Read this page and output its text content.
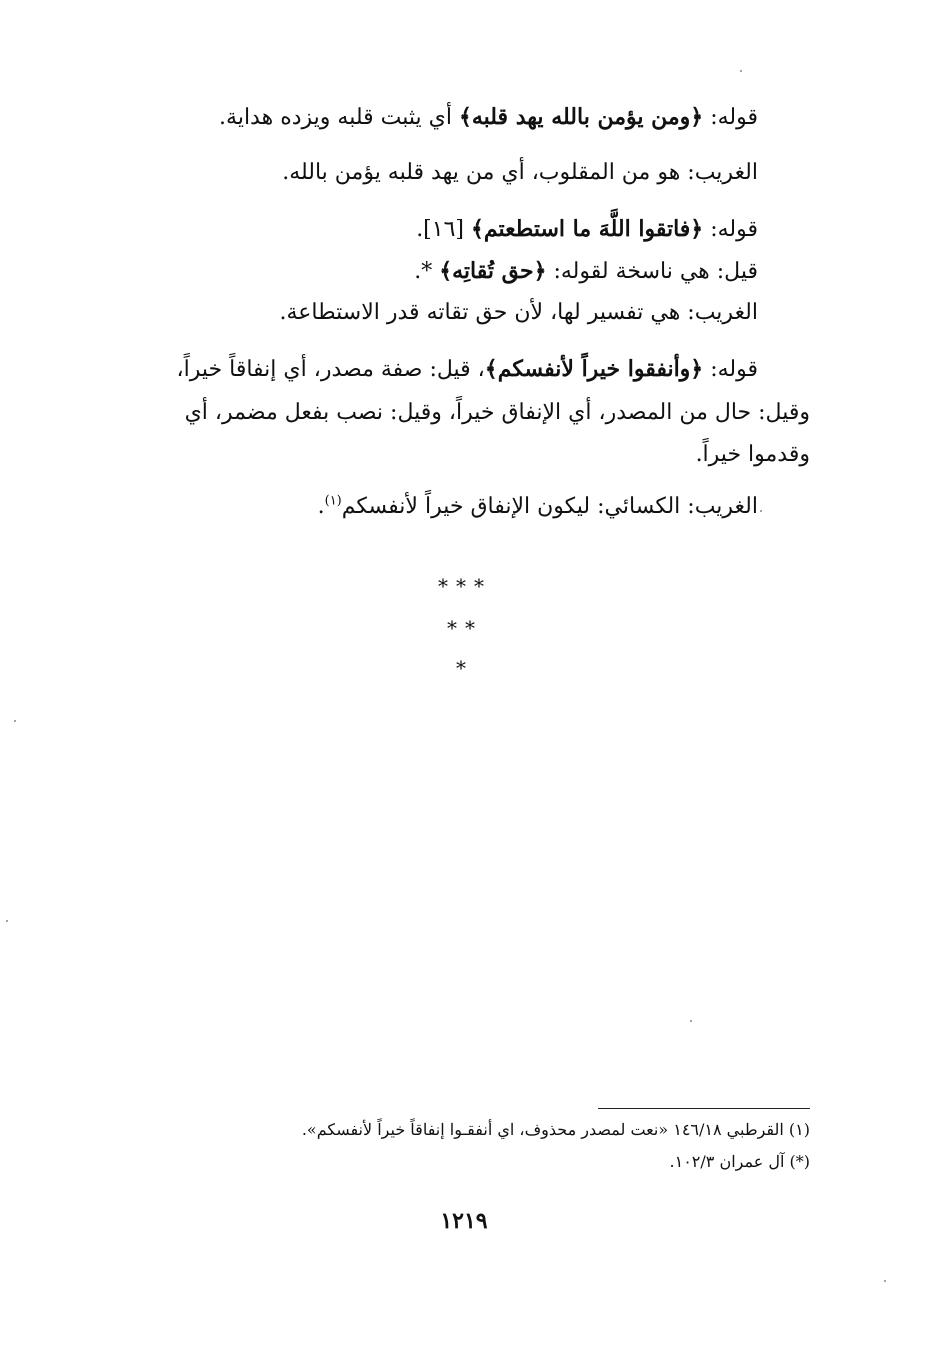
قوله: ﴿ومن يؤمن بالله يهد قلبه﴾ أي يثبت قلبه ويزده هداية.
الغريب: هو من المقلوب، أي من يهد قلبه يؤمن بالله.
قوله: ﴿فاتقوا اللَّهَ ما استطعتم﴾ [١٦].
قيل: هي ناسخة لقوله: ﴿حق تُقاتِه﴾ *.
الغريب: هي تفسير لها، لأن حق تقاته قدر الاستطاعة.
قوله: ﴿وأنفقوا خيراً لأنفسكم﴾، قيل: صفة مصدر، أي إنفاقاً خيراً،
وقيل: حال من المصدر، أي الإنفاق خيراً، وقيل: نصب بفعل مضمر، أي
وقدموا خيراً.
الغريب: الكسائي: ليكون الإنفاق خيراً لأنفسكم$^{(١)}$.
***
**
*
(١) القرطبي ١٤٦/١٨ «نعت لمصدر محذوف، اي أنفقـوا إنفاقاً خيراً لأنفسكم».
(*) آل عمران ١٠٢/٣.
١٢١٩
